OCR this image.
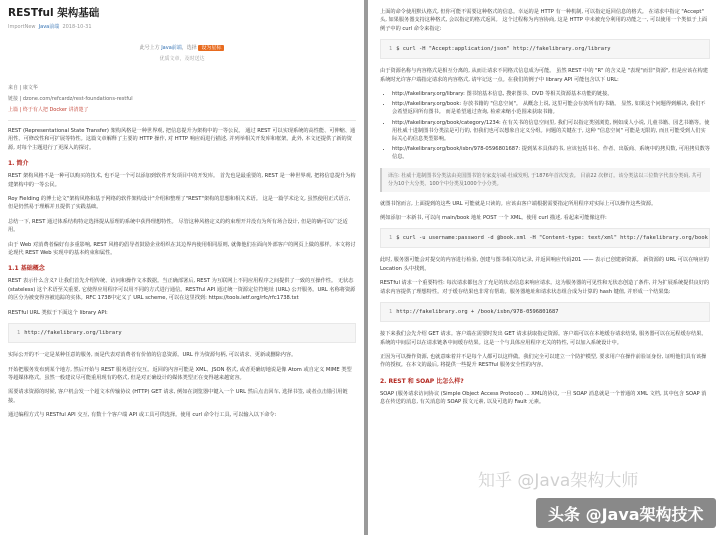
RESTful 架构基础
ImportNew Java前端 2018-10-31
此号上方 Java前端，选择 设为星标
优质文章，及时送达
来自 | 康文华
链接 | dzone.com/refcardz/rest-foundations-restful
上篇 | 终于有人把 Docker 讲清楚了

REST (Representational State Transfer) 架构风格是一种世界观, 把信息提升为架构中的一等公民。 通过 REST 可以实现系统的高性能、可伸缩、通用性、可修改性和可扩展等特性。这篇文章解释了主要的 HTTP 操作, 对 HTTP 响应码进行描述, 并列举相关开发库和框架。此外, 本文还提供了新的资源, 对每个主题进行了更深入的探讨。

1. 简介

REST 架构风格不是一种可以购买的技术, 也不是一个可以添加到软件开发项目中的开发库。 首先也是最重要的, REST 是一种世界观, 把将信息提升为构建架构中的一等公民。

Roy Fielding 的博士论文"架构风格和基于网络的软件架构设计"介绍和整理了"REST"架构的思想和相关术语。 这是一篇学术论文, 虽然使用正式语言, 但是仍然易于理解并且提供了实践基础。

总结一下, REST 通过体系结构特定选择提从原理的系统中获得理想特性。 尽管这种风格定义的约束理开并没有为所有场合设计, 但是的确可以广泛适用。

由于 Web 对消费者偏好有多重影响, REST 风格的倡导者鼓励企业组织在其边界内使用相同原则, 就像他们在面向外部客户的网页上做的那样。本文将讨论现代 REST Web 实现中的基本约束和属性。

1.1 基础概念

REST 表示什么含义? 让我们首先介绍传统、访问和操作文本数据。当正确部署后, REST 为互联网上不同应用程序之间提供了一致的互操作性。 无状态 (stateless) 这个术语至关重要, 它使得应用程序可以用不同的方式进行通信。RESTful API 通过统一资源定位符地址 (URL) 公开服务。URL 名称将资源的区分为被变得容被追踪的实体。RFC 1738中定义了 URL scheme, 可以在这里找到: https://tools.ietf.org/rfc/rfc1738.txt

RESTful URL 类似于下面这个 library API:

1 http://fakelibrary.org/library

实际公开的不一定是某种任意的服务, 而是代表对消费者有价值的信息资源。URL 作为资源句柄, 可以请求、更新或删除内容。

开始把服务发布到某个地方, 然后开始与 REST 服务进行交互。返回的内容可能是 XML、JSON 格式, 或者更确切地说是像 Atom 或自定义 MIME 类型等超媒体格式。虽然一般建议尽可能重用现有的格式, 但是对正确设计的媒体类型正在变得越来越宽容。

需要请求资源的时候, 客户机会发一个超文本传输协议 (HTTP) GET 请求, 例如在浏览器中键入一个 URL 然后点击回车, 选择书签, 或者点击锚引用链接。

通过编程方式与 RESTful API 交互, 有数十个客户端 API 或工具可供选择。使用 curl 命令行工具, 可以输入以下命令:

上面的命令使用默认格式, 但你可能不需要这种格式的信息。幸运的是 HTTP 有一种机制, 可以指定返回信息的格式。 在请求中指定 "Accept" 头, 如果服务器支持这种格式, 会以指定的格式返回。 这个过程称为内容协商, 这是 HTTP 中未被充分利用的功能之一, 可以使用一个类似于上面例子中的 curl 命令来指定:

1 $ curl -H "Accept:application/json" http://fakelibrary.org/library

由于资源名称与内容格式是相互分离的, 从而让请求不同格式信息成为可能。 虽然 REST 中的 "R" 的含义是 "表现"而非"资源", 但是应该在构建系统时允许客户端指定请求的内容格式, 请牢记这一点。在我们的例子中 library API 可能包含以下 URL:

• http://fakelibrary.org/library: 图书馆基本信息, 搜索图书、DVD 等相关资源基本功能的链接。
• http://fakelibrary.org/book: 存放书籍的 "信息空间"。 从概念上说, 这里可能会存放所有的书籍。 显然, 如果这个问题得到解决, 我们不会希望返回所有图书。 而是希望通过查询, 检索来缩小范围来获取书籍。
• http://fakelibrary.org/book/category/1234: 在有关书的信息空间里, 我们可以指定类别浏览, 例如成人小说, 儿童书籍、园艺书籍等。使用杜威十进制图书分类法是可行的, 但我们也可以想象自定义分组。问题的关键在于, 这种 "信息空间" 可能是无限的, 而且可能受到人们实际关心的信息类型影响。
• http://fakelibrary.org/book/isbn/978-0596801687: 提到某本具体的书, 应该包括书名、作者、出版商、系统中的拷贝数, 可用拷贝数等信息。
译注: 杜威十进制图书分类法由美国图书馆专家麦尔威·杜威发明, 于1876年首次发表。 目前22 次修订。该分类法以三位数字代表分类码, 共可分为10个大分类、100个中分类及1000个小分类。

就图书馆而言, 上面提到的这些 URL 可能就是只读的。应该由客户端根据需要指定所用程序对实际上可以操作这些资源。

例如添加一本新书, 可以向 main/book 地址 POST 一个 XML。使用 curl 描述, 看起来可能像这样:

1 $ curl -u username:password -d @book.xml -H "Content-type: text/xml" http://fakelibrary.org/book

此时, 服务器可能会对提交的内容进行检验, 创建与图书相关的记录, 并返回响应代码201 —— 表示已创建新资源。 新资源的 URL 可以在响应的 Location 头中找到。

RESTful 请求一个重要特性: 每次请求都包含了充足的状态信息来响应请求。这为服务器的可见性和无状态创造了条件, 并为扩展系统提供良好的请求内容提供了理想特性。对于缓存结果也非常有帮助。服务器地址和请求状态组合成为计算的 hash 键值, 并形成一个结果集:

1 http://fakelibrary.org + /book/isbn/978-0596801687

接下来我们会先介绍 GET 请求。客户端在需要时发出 GET 请求获取指定资源。客户端可以在本地缓存请求结果, 服务器可以在远程缓存结果。系统的中间层可以在请求链条中间缓存结果。这是一个与具体应用程序无关的特性, 可以加入系统设计中。

正因为可以操作资源, 也就意味着并不是每个人都可以这样做。我们完全可以建立一个防护模型, 要求用户在操作前验证身份, 证明他们具有该操作的授权。在本文的最后, 将提供一些提升 RESTful 服务安全性的内容。

2. REST 和 SOAP 比怎么样?

SOAP (服务请求访问协议 (Simple Object Access Protocol) ... XML的协议, 一旦 SOAP 消息就是一个普通的 XML 文档, 其中包含 SOAP 消息在传送的消息, 有关消息的 SOAP 报文元素, 以及可选的 Fault 元素。

知乎 @Java架构大师
头条 @Java架构技术
